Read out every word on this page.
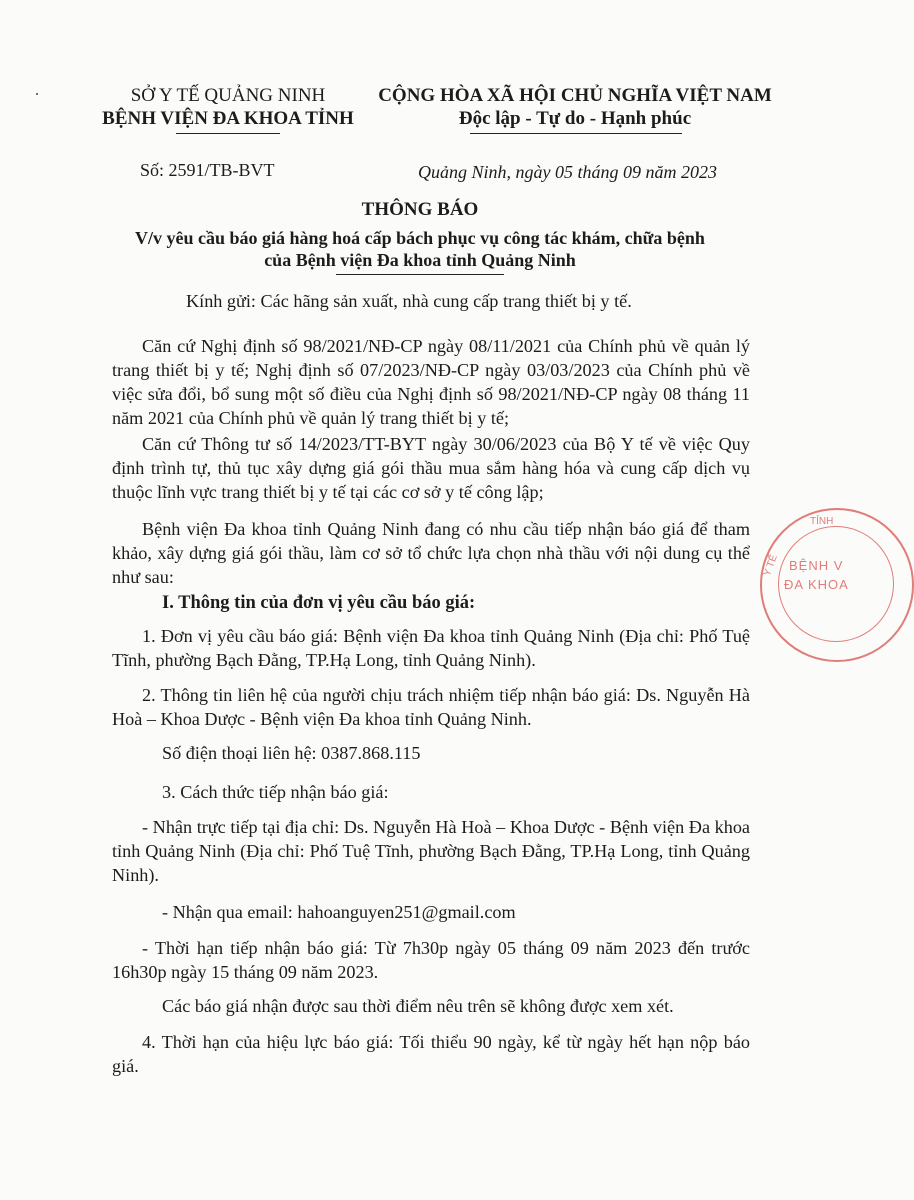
SỞ Y TẾ QUẢNG NINH

BỆNH VIỆN ĐA KHOA TỈNH

CỘNG HÒA XÃ HỘI CHỦ NGHĨA VIỆT NAM

Độc lập - Tự do - Hạnh phúc

Số: 2591/TB-BVT	Quảng Ninh, ngày 05 tháng 09 năm 2023

THÔNG BÁO

V/v yêu cầu báo giá hàng hoá cấp bách phục vụ công tác khám, chữa bệnh

của Bệnh viện Đa khoa tỉnh Quảng Ninh

Kính gửi: Các hãng sản xuất, nhà cung cấp trang thiết bị y tế.

Căn cứ Nghị định số 98/2021/NĐ-CP ngày 08/11/2021 của Chính phủ về quản lý trang thiết bị y tế; Nghị định số 07/2023/NĐ-CP ngày 03/03/2023 của Chính phủ về việc sửa đổi, bổ sung một số điều của Nghị định số 98/2021/NĐ-CP ngày 08 tháng 11 năm 2021 của Chính phủ về quản lý trang thiết bị y tế;

Căn cứ Thông tư số 14/2023/TT-BYT ngày 30/06/2023 của Bộ Y tế về việc Quy định trình tự, thủ tục xây dựng giá gói thầu mua sắm hàng hóa và cung cấp dịch vụ thuộc lĩnh vực trang thiết bị y tế tại các cơ sở y tế công lập;

Bệnh viện Đa khoa tỉnh Quảng Ninh đang có nhu cầu tiếp nhận báo giá để tham khảo, xây dựng giá gói thầu, làm cơ sở tổ chức lựa chọn nhà thầu với nội dung cụ thể như sau:

I. Thông tin của đơn vị yêu cầu báo giá:

1. Đơn vị yêu cầu báo giá: Bệnh viện Đa khoa tỉnh Quảng Ninh (Địa chỉ: Phố Tuệ Tĩnh, phường Bạch Đằng, TP.Hạ Long, tỉnh Quảng Ninh).

2. Thông tin liên hệ của người chịu trách nhiệm tiếp nhận báo giá: Ds. Nguyễn Hà Hoà – Khoa Dược - Bệnh viện Đa khoa tỉnh Quảng Ninh.

Số điện thoại liên hệ: 0387.868.115

3. Cách thức tiếp nhận báo giá:

- Nhận trực tiếp tại địa chỉ: Ds. Nguyễn Hà Hoà – Khoa Dược - Bệnh viện Đa khoa tỉnh Quảng Ninh (Địa chỉ: Phố Tuệ Tĩnh, phường Bạch Đằng, TP.Hạ Long, tỉnh Quảng Ninh).

- Nhận qua email: hahoanguyen251@gmail.com

- Thời hạn tiếp nhận báo giá: Từ 7h30p ngày 05 tháng 09 năm 2023 đến trước 16h30p ngày 15 tháng 09 năm 2023.

Các báo giá nhận được sau thời điểm nêu trên sẽ không được xem xét.

4. Thời hạn của hiệu lực báo giá: Tối thiểu 90 ngày, kể từ ngày hết hạn nộp báo giá.

TỈNH
Y TẾ BỆNH V
ĐA KHOA
